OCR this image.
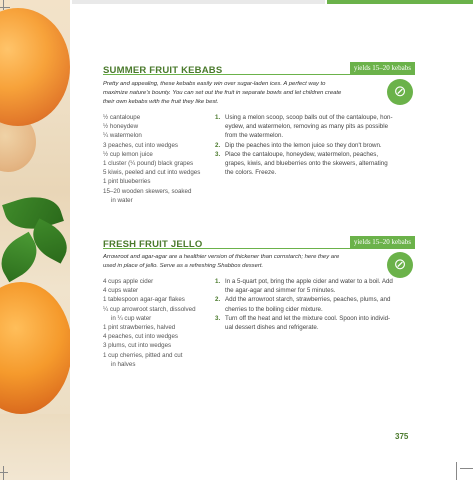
yields 15–20 kebabs
SUMMER FRUIT KEBABS
Pretty and appealing, these kebabs easily win over sugar-laden ices. A perfect way to
maximize nature's bounty. You can set out the fruit in separate bowls and let children create
their own kebabs with the fruit they like best.
⊘
½ cantaloupe
½ honeydew
¼ watermelon
3 peaches, cut into wedges
½ cup lemon juice
1 cluster (¼ pound) black grapes
5 kiwis, peeled and cut into wedges
1 pint blueberries
15–20 wooden skewers, soaked
in water
1. Using a melon scoop, scoop balls out of the cantaloupe, hon-
eydew, and watermelon, removing as many pits as possible
from the watermelon.
2. Dip the peaches into the lemon juice so they don't brown.
3. Place the cantaloupe, honeydew, watermelon, peaches,
grapes, kiwis, and blueberries onto the skewers, alternating
the colors. Freeze.
yields 15–20 kebabs
FRESH FRUIT JELLO
Arrowroot and agar-agar are a healthier version of thickener than cornstarch; here they are
used in place of jello. Serve as a refreshing Shabbos dessert.	⊘
4 cups apple cider
4 cups water
1 tablespoon agar-agar flakes
¼ cup arrowroot starch, dissolved
in ¼ cup water
1 pint strawberries, halved
4 peaches, cut into wedges
3 plums, cut into wedges
1 cup cherries, pitted and cut
in halves
1. In a 5-quart pot, bring the apple cider and water to a boil. Add
the agar-agar and simmer for 5 minutes.
2. Add the arrowroot starch, strawberries, peaches, plums, and
cherries to the boiling cider mixture.
3. Turn off the heat and let the mixture cool. Spoon into individ-
ual dessert dishes and refrigerate.
375
